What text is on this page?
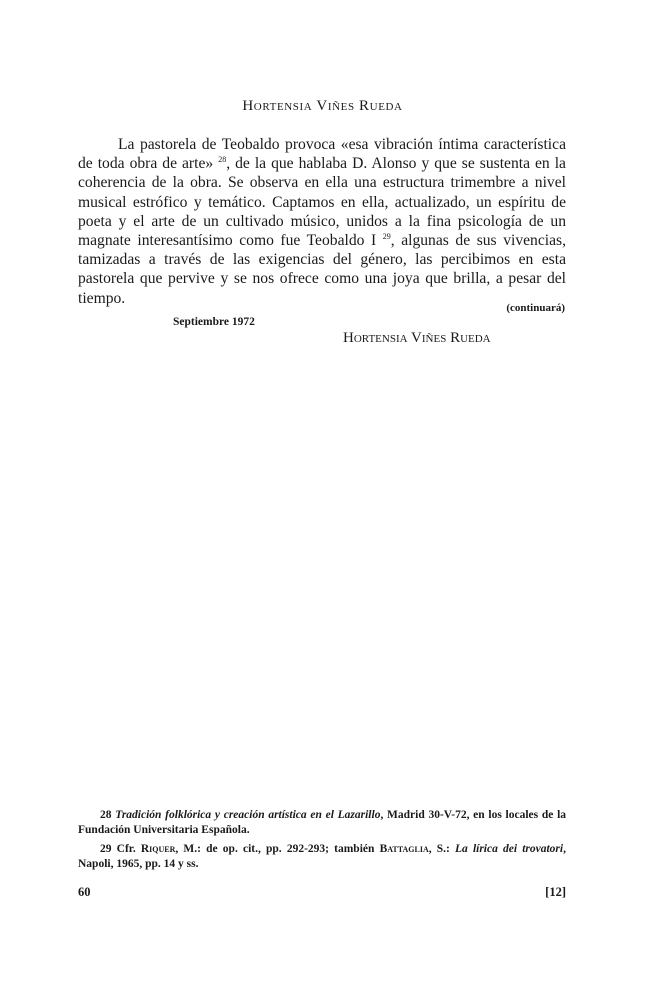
Hortensia Viñes Rueda

La pastorela de Teobaldo provoca «esa vibración íntima característica de toda obra de arte» $^{28}$, de la que hablaba D. Alonso y que se sustenta en la coherencia de la obra. Se observa en ella una estructura trimembre a nivel musical estrófico y temático. Captamos en ella, actualizado, un espíritu de poeta y el arte de un cultivado músico, unidos a la fina psicología de un magnate interesantísimo como fue Teobaldo I $^{29}$, algunas de sus vivencias, tamizadas a través de las exigencias del género, las percibimos en esta pastorela que pervive y se nos ofrece como una joya que brilla, a pesar del tiempo.

(continuará)
Septiembre 1972
Hortensia Viñes Rueda

28 Tradición folklórica y creación artística en el Lazarillo, Madrid 30-V-72, en los locales de la Fundación Universitaria Española.

29 Cfr. Riquer, M.: de op. cit., pp. 292-293; también Battaglia, S.: La lírica dei trovatori, Napoli, 1965, pp. 14 y ss.

60	[12]
